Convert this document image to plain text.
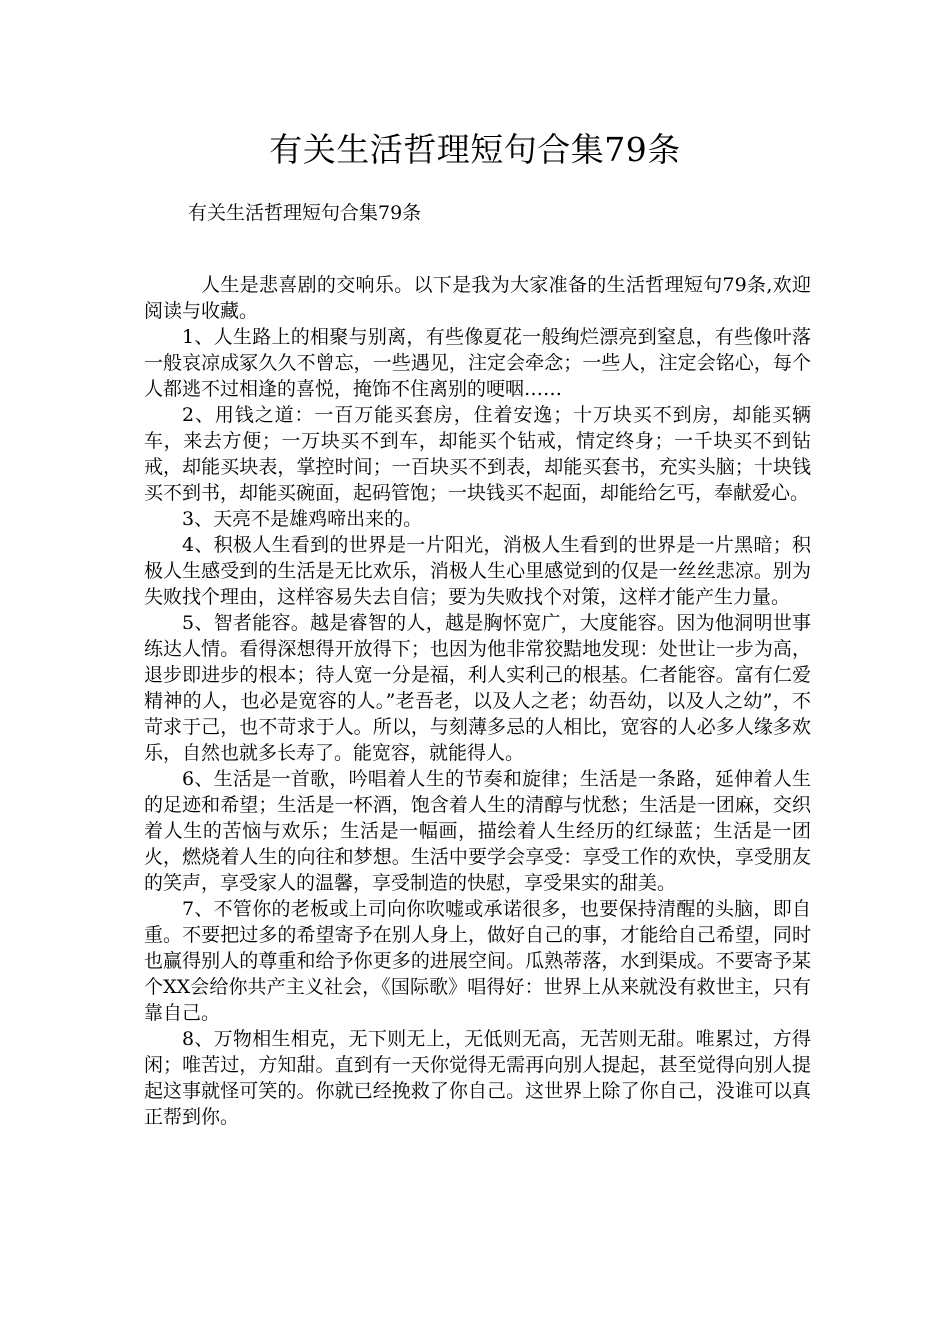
有关生活哲理短句合集79条
有关生活哲理短句合集79条

人生是悲喜剧的交响乐。以下是我为大家准备的生活哲理短句79条,欢迎阅读与收藏。

1、人生路上的相聚与别离，有些像夏花一般绚烂漂亮到窒息，有些像叶落一般哀凉成冢久久不曾忘，一些遇见，注定会牵念；一些人，注定会铭心，每个人都逃不过相逢的喜悦，掩饰不住离别的哽咽……

2、用钱之道：一百万能买套房，住着安逸；十万块买不到房，却能买辆车，来去方便；一万块买不到车，却能买个钻戒，情定终身；一千块买不到钻戒，却能买块表，掌控时间；一百块买不到表，却能买套书，充实头脑；十块钱买不到书，却能买碗面，起码管饱；一块钱买不起面，却能给乞丐，奉献爱心。

3、天亮不是雄鸡啼出来的。

4、积极人生看到的世界是一片阳光，消极人生看到的世界是一片黑暗；积极人生感受到的生活是无比欢乐，消极人生心里感觉到的仅是一丝丝悲凉。别为失败找个理由，这样容易失去自信；要为失败找个对策，这样才能产生力量。

5、智者能容。越是睿智的人，越是胸怀宽广，大度能容。因为他洞明世事练达人情。看得深想得开放得下；也因为他非常狡黠地发现：处世让一步为高，退步即进步的根本；待人宽一分是福，利人实利己的根基。仁者能容。富有仁爱精神的人，也必是宽容的人。”老吾老，以及人之老；幼吾幼，以及人之幼”，不苛求于己，也不苛求于人。所以，与刻薄多忌的人相比，宽容的人必多人缘多欢乐，自然也就多长寿了。能宽容，就能得人。

6、生活是一首歌，吟唱着人生的节奏和旋律；生活是一条路，延伸着人生的足迹和希望；生活是一杯酒，饱含着人生的清醇与忧愁；生活是一团麻，交织着人生的苦恼与欢乐；生活是一幅画，描绘着人生经历的红绿蓝；生活是一团火，燃烧着人生的向往和梦想。生活中要学会享受：享受工作的欢快，享受朋友的笑声，享受家人的温馨，享受制造的快慰，享受果实的甜美。

7、不管你的老板或上司向你吹嘘或承诺很多，也要保持清醒的头脑，即自重。不要把过多的希望寄予在别人身上，做好自己的事，才能给自己希望，同时也赢得别人的尊重和给予你更多的进展空间。瓜熟蒂落，水到渠成。不要寄予某个XX会给你共产主义社会，《国际歌》唱得好：世界上从来就没有救世主，只有靠自己。

8、万物相生相克，无下则无上，无低则无高，无苦则无甜。唯累过，方得闲；唯苦过，方知甜。直到有一天你觉得无需再向别人提起，甚至觉得向别人提起这事就怪可笑的。你就已经挽救了你自己。这世界上除了你自己，没谁可以真正帮到你。
